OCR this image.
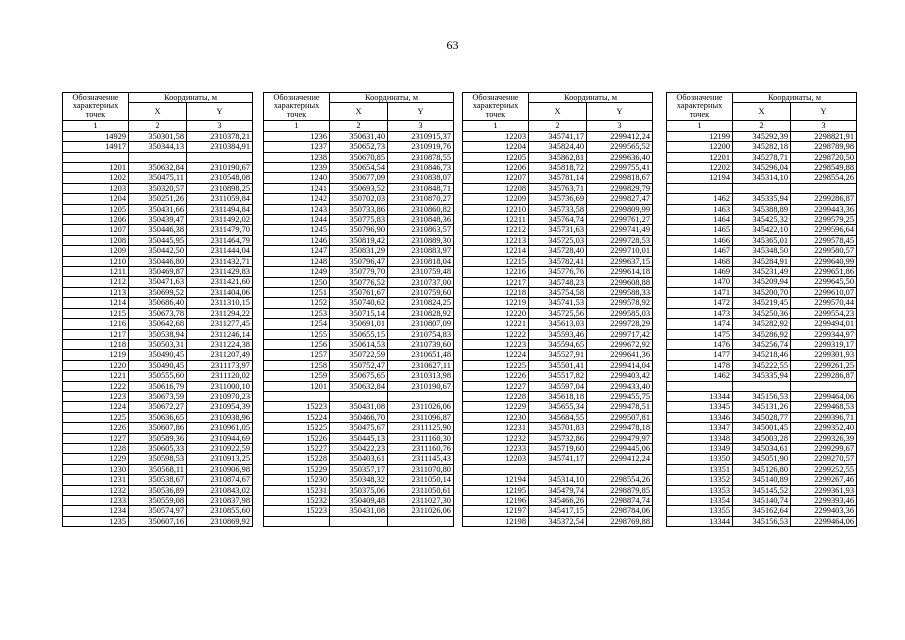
63
Обозначение характерных точек	Координаты, м	
	X	Y
1	2	3
14929	350301,58	2310378,21
14917	350344,13	2310384,91

1201	350632,84	2310190,67
1202	350475,11	2310548,08
1203	350320,57	2310898,25
1204	350251,26	2311059,84
1205	350431,66	2311494,84
1206	350439,47	2311492,02
1207	350446,38	2311479,70
1208	350445,95	2311464,79
1209	350442,50	2311444,04
1210	350446,80	2311432,71
1211	350469,87	2311429,83
1212	350471,63	2311421,60
1213	350699,52	2311404,06
1214	350686,40	2311310,15
1215	350673,78	2311294,22
1216	350642,68	2311277,45
1217	350538,94	2311246,14
1218	350503,31	2311224,38
1219	350490,45	2311207,49
1220	350490,45	2311173,97
1221	350555,60	2311120,02
1222	350616,79	2311000,10
1223	350673,59	2310970,23
1224	350672,27	2310954,39
1225	350636,65	2310938,96
1226	350607,86	2310961,05
1227	350589,36	2310944,69
1228	350605,33	2310922,59
1229	350598,53	2310913,25
1230	350568,11	2310906,98
1231	350538,67	2310874,67
1232	350536,89	2310843,02
1233	350559,08	2310837,98
1234	350574,97	2310855,60
1235	350607,16	2310869,92
Обозначение характерных точек	Координаты, м	
	X	Y
1	2	3
1236	350631,40	2310915,37
1237	350652,73	2310919,76
1238	350670,85	2310878,55
1239	350654,54	2310846,73
1240	350677,09	2310838,07
1241	350693,52	2310848,71
1242	350702,03	2310870,27
1243	350733,86	2310860,82
1244	350775,83	2310848,36
1245	350796,90	2310863,57
1246	350819,42	2310889,30
1247	350831,29	2310883,97
1248	350796,47	2310818,04
1249	350779,70	2310759,48
1250	350776,52	2310737,00
1251	350761,67	2310759,60
1252	350740,62	2310824,25
1253	350715,14	2310828,92
1254	350691,01	2310807,09
1255	350655,15	2310754,83
1256	350614,53	2310739,60
1257	350722,59	2310651,48
1258	350752,47	2310627,11
1259	350675,65	2310313,98
1201	350632,84	2310190,67

15223	350431,08	2311026,06
15224	350466,70	2311096,87
15225	350475,67	2311125,90
15226	350445,13	2311160,30
15227	350422,23	2311160,76
15228	350403,61	2311145,43
15229	350357,17	2311070,80
15230	350348,32	2311050,14
15231	350375,06	2311050,61
15232	350409,48	2311027,30
15223	350431,08	2311026,06

Обозначение характерных точек	Координаты, м	
	X	Y
1	2	3
12203	345741,17	2299412,24
12204	345824,40	2299565,52
12205	345862,81	2299636,40
12206	345818,72	2299755,41
12207	345781,14	2299818,67
12208	345763,71	2299829,79
12209	345736,69	2299827,47
12210	345733,58	2299809,99
12211	345764,74	2299761,27
12212	345731,63	2299741,49
12213	345725,03	2299728,53
12214	345728,40	2299710,01
12215	345782,41	2299637,15
12216	345776,76	2299614,18
12217	345748,23	2299608,88
12218	345754,58	2299588,33
12219	345741,53	2299578,92
12220	345725,56	2299585,03
12221	345613,03	2299728,29
12222	345593,46	2299717,42
12223	345594,65	2299672,92
12224	345527,91	2299641,36
12225	345501,41	2299414,04
12226	345517,82	2299403,42
12227	345597,04	2299433,40
12228	345618,18	2299455,75
12229	345655,34	2299478,51
12230	345684,55	2299507,81
12231	345701,83	2299478,18
12232	345732,86	2299479,97
12233	345719,60	2299445,06
12203	345741,17	2299412,24

12194	345314,10	2298554,26
12195	345479,74	2298879,85
12196	345466,26	2298874,74
12197	345417,15	2298784,06
12198	345372,54	2298769,88
Обозначение характерных точек	Координаты, м	
	X	Y
1	2	3
12199	345292,39	2298821,91
12200	345282,18	2298789,98
12201	345278,71	2298720,50
12202	345296,04	2298549,88
12194	345314,10	2298554,26

1462	345335,94	2299286,87
1463	345388,89	2299443,36
1464	345425,32	2299579,25
1465	345422,10	2299596,64
1466	345365,01	2299578,45
1467	345348,50	2299580,57
1468	345284,91	2299640,99
1469	345231,49	2299651,86
1470	345209,94	2299645,50
1471	345200,70	2299610,07
1472	345219,45	2299570,44
1473	345250,36	2299554,23
1474	345282,92	2299494,01
1475	345286,92	2299344,97
1476	345256,74	2299319,17
1477	345218,46	2299301,93
1478	345222,55	2299261,25
1462	345335,94	2299286,87

13344	345156,53	2299464,06
13345	345131,26	2299468,53
13346	345028,77	2299396,71
13347	345001,45	2299352,40
13348	345003,28	2299326,39
13349	345034,61	2299299,67
13350	345051,90	2299270,57
13351	345126,80	2299252,55
13352	345140,89	2299267,46
13353	345145,52	2299361,93
13354	345140,74	2299393,46
13355	345162,64	2299403,36
13344	345156,53	2299464,06
